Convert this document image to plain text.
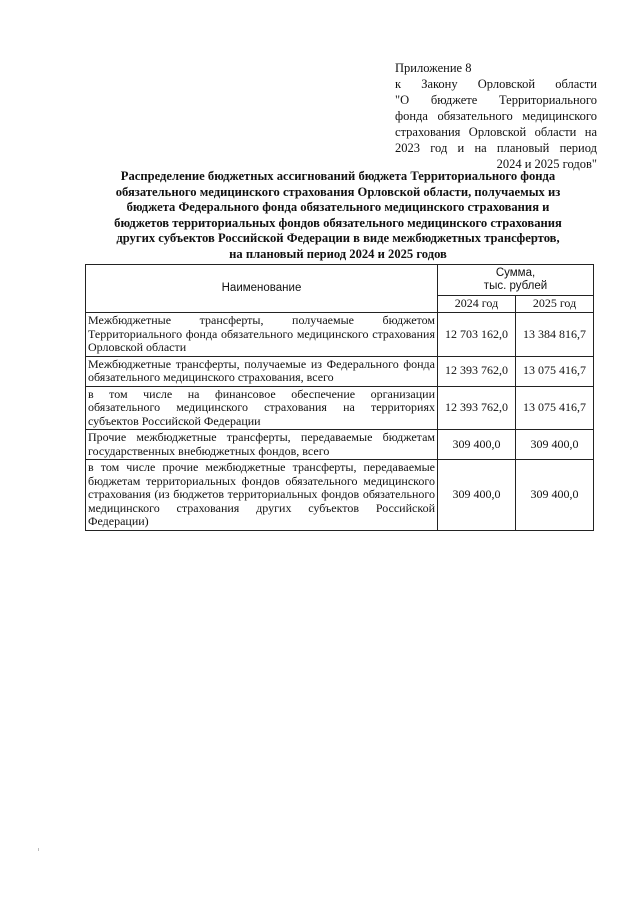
Приложение 8
к Закону Орловской области
"О бюджете Территориального
фонда обязательного медицинского
страхования Орловской области на
2023 год и на плановый период
2024 и 2025 годов"
Распределение бюджетных ассигнований бюджета Территориального фонда
обязательного медицинского страхования Орловской области, получаемых из
бюджета Федерального фонда обязательного медицинского страхования и
бюджетов территориальных фондов обязательного медицинского страхования
других субъектов Российской Федерации в виде межбюджетных трансфертов,
на плановый период 2024 и 2025 годов
Наименование	Сумма,
тыс. рублей	
	2024 год	2025 год
Межбюджетные трансферты, получаемые бюджетом Территориального фонда обязательного медицинского страхования Орловской области	12 703 162,0	13 384 816,7
Межбюджетные трансферты, получаемые из Федерального фонда обязательного медицинского страхования, всего	12 393 762,0	13 075 416,7
в том числе на финансовое обеспечение организации обязательного медицинского страхования на территориях субъектов Российской Федерации	12 393 762,0	13 075 416,7
Прочие межбюджетные трансферты, передаваемые бюджетам государственных внебюджетных фондов, всего	309 400,0	309 400,0
в том числе прочие межбюджетные трансферты, передаваемые бюджетам территориальных фондов обязательного медицинского страхования (из бюджетов территориальных фондов обязательного медицинского страхования других субъектов Российской Федерации)	309 400,0	309 400,0
